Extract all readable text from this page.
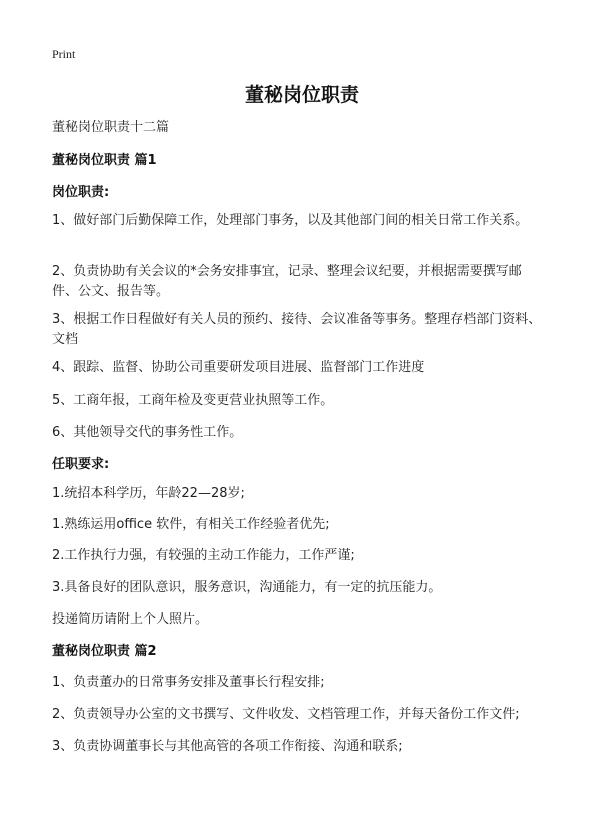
Print
董秘岗位职责
董秘岗位职责十二篇
董秘岗位职责 篇1
岗位职责:
1、做好部门后勤保障工作，处理部门事务，以及其他部门间的相关日常工作关系。
2、负责协助有关会议的*会务安排事宜，记录、整理会议纪要，并根据需要撰写邮件、公文、报告等。
3、根据工作日程做好有关人员的预约、接待、会议准备等事务。整理存档部门资料、文档
4、跟踪、监督、协助公司重要研发项目进展、监督部门工作进度
5、工商年报，工商年检及变更营业执照等工作。
6、其他领导交代的事务性工作。
任职要求:
1.统招本科学历，年龄22—28岁;
1.熟练运用office 软件，有相关工作经验者优先;
2.工作执行力强，有较强的主动工作能力，工作严谨;
3.具备良好的团队意识，服务意识，沟通能力，有一定的抗压能力。
投递简历请附上个人照片。
董秘岗位职责 篇2
1、负责董办的日常事务安排及董事长行程安排;
2、负责领导办公室的文书撰写、文件收发、文档管理工作，并每天备份工作文件;
3、负责协调董事长与其他高管的各项工作衔接、沟通和联系;
